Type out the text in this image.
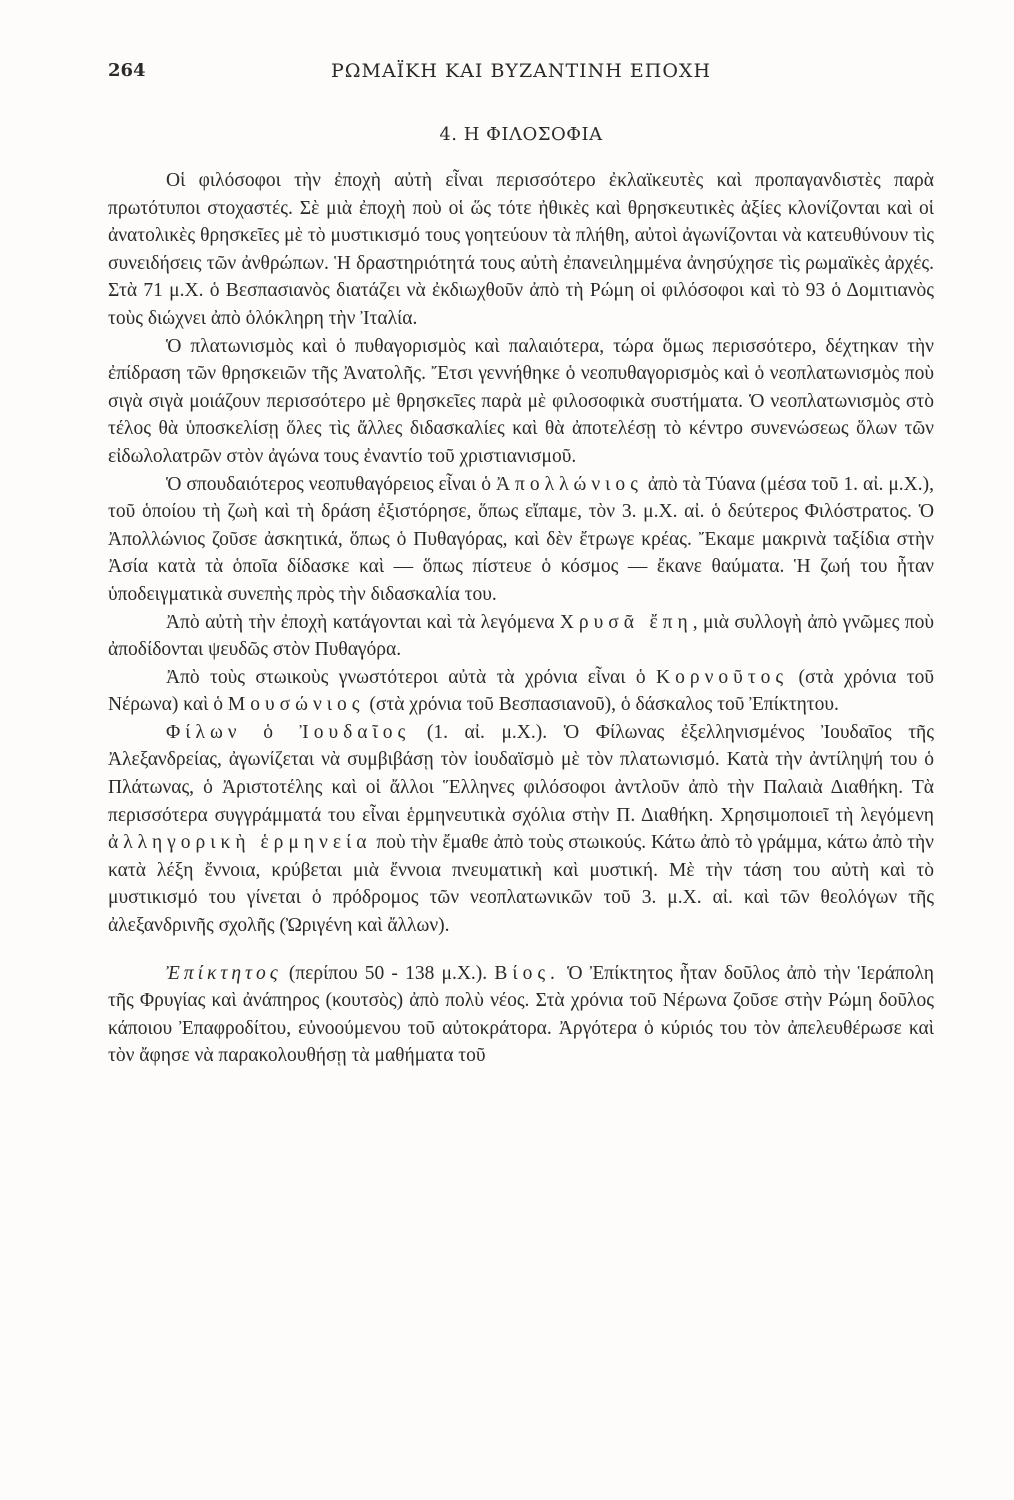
264	ΡΩΜΑΪΚΗ ΚΑΙ ΒΥΖΑΝΤΙΝΗ ΕΠΟΧΗ
4. Η ΦΙΛΟΣΟΦΙΑ

Οἱ φιλόσοφοι τὴν ἐποχὴ αὐτὴ εἶναι περισσότερο ἐκλαϊκευτὲς καὶ προπαγανδιστὲς παρὰ πρωτότυποι στοχαστές. Σὲ μιὰ ἐποχὴ ποὺ οἱ ὥς τότε ἠθικὲς καὶ θρησκευτικὲς ἀξίες κλονίζονται καὶ οἱ ἀνατολικὲς θρησκεῖες μὲ τὸ μυστικισμό τους γοητεύουν τὰ πλήθη, αὐτοὶ ἀγωνίζονται νὰ κατευθύνουν τὶς συνειδήσεις τῶν ἀνθρώπων. Ἡ δραστηριότητά τους αὐτὴ ἐπανειλημμένα ἀνησύχησε τὶς ρωμαϊκὲς ἀρχές. Στὰ 71 μ.Χ. ὁ Βεσπασιανὸς διατάζει νὰ ἐκδιωχθοῦν ἀπὸ τὴ Ρώμη οἱ φιλόσοφοι καὶ τὸ 93 ὁ Δομιτιανὸς τοὺς διώχνει ἀπὸ ὁλόκληρη τὴν Ἰταλία.

Ὁ πλατωνισμὸς καὶ ὁ πυθαγορισμὸς καὶ παλαιότερα, τώρα ὅμως περισσότερο, δέχτηκαν τὴν ἐπίδραση τῶν θρησκειῶν τῆς Ἀνατολῆς. Ἔτσι γεννήθηκε ὁ νεοπυθαγορισμὸς καὶ ὁ νεοπλατωνισμὸς ποὺ σιγὰ σιγὰ μοιάζουν περισσότερο μὲ θρησκεῖες παρὰ μὲ φιλοσοφικὰ συστήματα. Ὁ νεοπλατωνισμὸς στὸ τέλος θὰ ὑποσκελίσῃ ὅλες τὶς ἄλλες διδασκαλίες καὶ θὰ ἀποτελέσῃ τὸ κέντρο συνενώσεως ὅλων τῶν εἰδωλολατρῶν στὸν ἀγώνα τους ἐναντίο τοῦ χριστιανισμοῦ.

Ὁ σπουδαιότερος νεοπυθαγόρειος εἶναι ὁ Ἀπολλώνιος ἀπὸ τὰ Τύανα (μέσα τοῦ 1. αἰ. μ.Χ.), τοῦ ὁποίου τὴ ζωὴ καὶ τὴ δράση ἐξιστόρησε, ὅπως εἴπαμε, τὸν 3. μ.Χ. αἰ. ὁ δεύτερος Φιλόστρατος. Ὁ Ἀπολλώνιος ζοῦσε ἀσκητικά, ὅπως ὁ Πυθαγόρας, καὶ δὲν ἔτρωγε κρέας. Ἔκαμε μακρινὰ ταξίδια στὴν Ἀσία κατὰ τὰ ὁποῖα δίδασκε καὶ — ὅπως πίστευε ὁ κόσμος — ἔκανε θαύματα. Ἡ ζωή του ἦταν ὑποδειγματικὰ συνεπὴς πρὸς τὴν διδασκαλία του.

Ἀπὸ αὐτὴ τὴν ἐποχὴ κατάγονται καὶ τὰ λεγόμενα Χρυσᾶ ἔπη, μιὰ συλλογὴ ἀπὸ γνῶμες ποὺ ἀποδίδονται ψευδῶς στὸν Πυθαγόρα.

Ἀπὸ τοὺς στωικοὺς γνωστότεροι αὐτὰ τὰ χρόνια εἶναι ὁ Κορνοῦτος (στὰ χρόνια τοῦ Νέρωνα) καὶ ὁ Μουσώνιος (στὰ χρόνια τοῦ Βεσπασιανοῦ), ὁ δάσκαλος τοῦ Ἐπίκτητου.

Φίλων ὁ Ἰουδαῖος (1. αἰ. μ.Χ.). Ὁ Φίλωνας ἐξελληνισμένος Ἰουδαῖος τῆς Ἀλεξανδρείας, ἀγωνίζεται νὰ συμβιβάσῃ τὸν ἰουδαϊσμὸ μὲ τὸν πλατωνισμό. Κατὰ τὴν ἀντίληψή του ὁ Πλάτωνας, ὁ Ἀριστοτέλης καὶ οἱ ἄλλοι Ἕλληνες φιλόσοφοι ἀντλοῦν ἀπὸ τὴν Παλαιὰ Διαθήκη. Τὰ περισσότερα συγγράμματά του εἶναι ἑρμηνευτικὰ σχόλια στὴν Π. Διαθήκη. Χρησιμοποιεῖ τὴ λεγόμενη ἀλληγορικὴ ἑρμηνεία ποὺ τὴν ἔμαθε ἀπὸ τοὺς στωικούς. Κάτω ἀπὸ τὸ γράμμα, κάτω ἀπὸ τὴν κατὰ λέξη ἔννοια, κρύβεται μιὰ ἔννοια πνευματικὴ καὶ μυστική. Μὲ τὴν τάση του αὐτὴ καὶ τὸ μυστικισμό του γίνεται ὁ πρόδρομος τῶν νεοπλατωνικῶν τοῦ 3. μ.Χ. αἰ. καὶ τῶν θεολόγων τῆς ἀλεξανδρινῆς σχολῆς (Ὠριγένη καὶ ἄλλων).

Ἐπίκτητος (περίπου 50 - 138 μ.Χ.). Βίος. Ὁ Ἐπίκτητος ἦταν δοῦλος ἀπὸ τὴν Ἱεράπολη τῆς Φρυγίας καὶ ἀνάπηρος (κουτσὸς) ἀπὸ πολὺ νέος. Στὰ χρόνια τοῦ Νέρωνα ζοῦσε στὴν Ρώμη δοῦλος κάποιου Ἐπαφροδίτου, εὐνοούμενου τοῦ αὐτοκράτορα. Ἀργότερα ὁ κύριός του τὸν ἀπελευθέρωσε καὶ τὸν ἄφησε νὰ παρακολουθήσῃ τὰ μαθήματα τοῦ
